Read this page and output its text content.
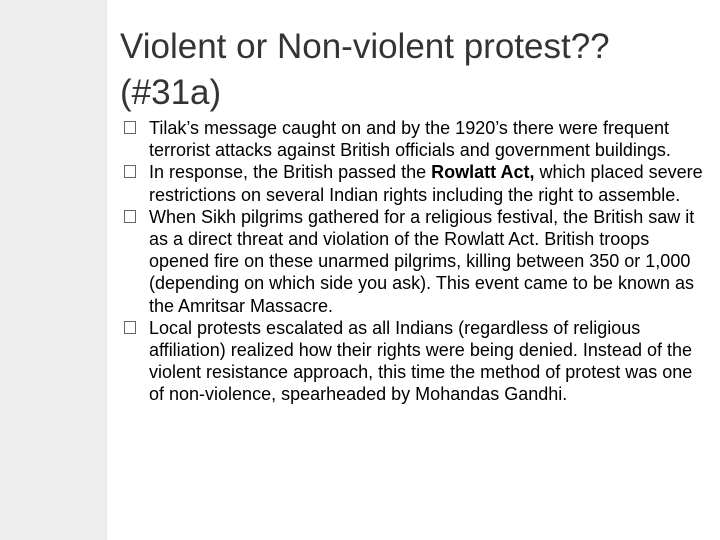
Violent or Non-violent protest??
(#31a)
Tilak’s message caught on and by the 1920’s there were frequent terrorist attacks against British officials and government buildings.
In response, the British passed the Rowlatt Act, which placed severe restrictions on several Indian rights including the right to assemble.
When Sikh pilgrims gathered for a religious festival, the British saw it as a direct threat and violation of the Rowlatt Act. British troops opened fire on these unarmed pilgrims, killing between 350 or 1,000 (depending on which side you ask). This event came to be known as the Amritsar Massacre.
Local protests escalated as all Indians (regardless of religious affiliation) realized how their rights were being denied. Instead of the violent resistance approach, this time the method of protest was one of non-violence, spearheaded by Mohandas Gandhi.
